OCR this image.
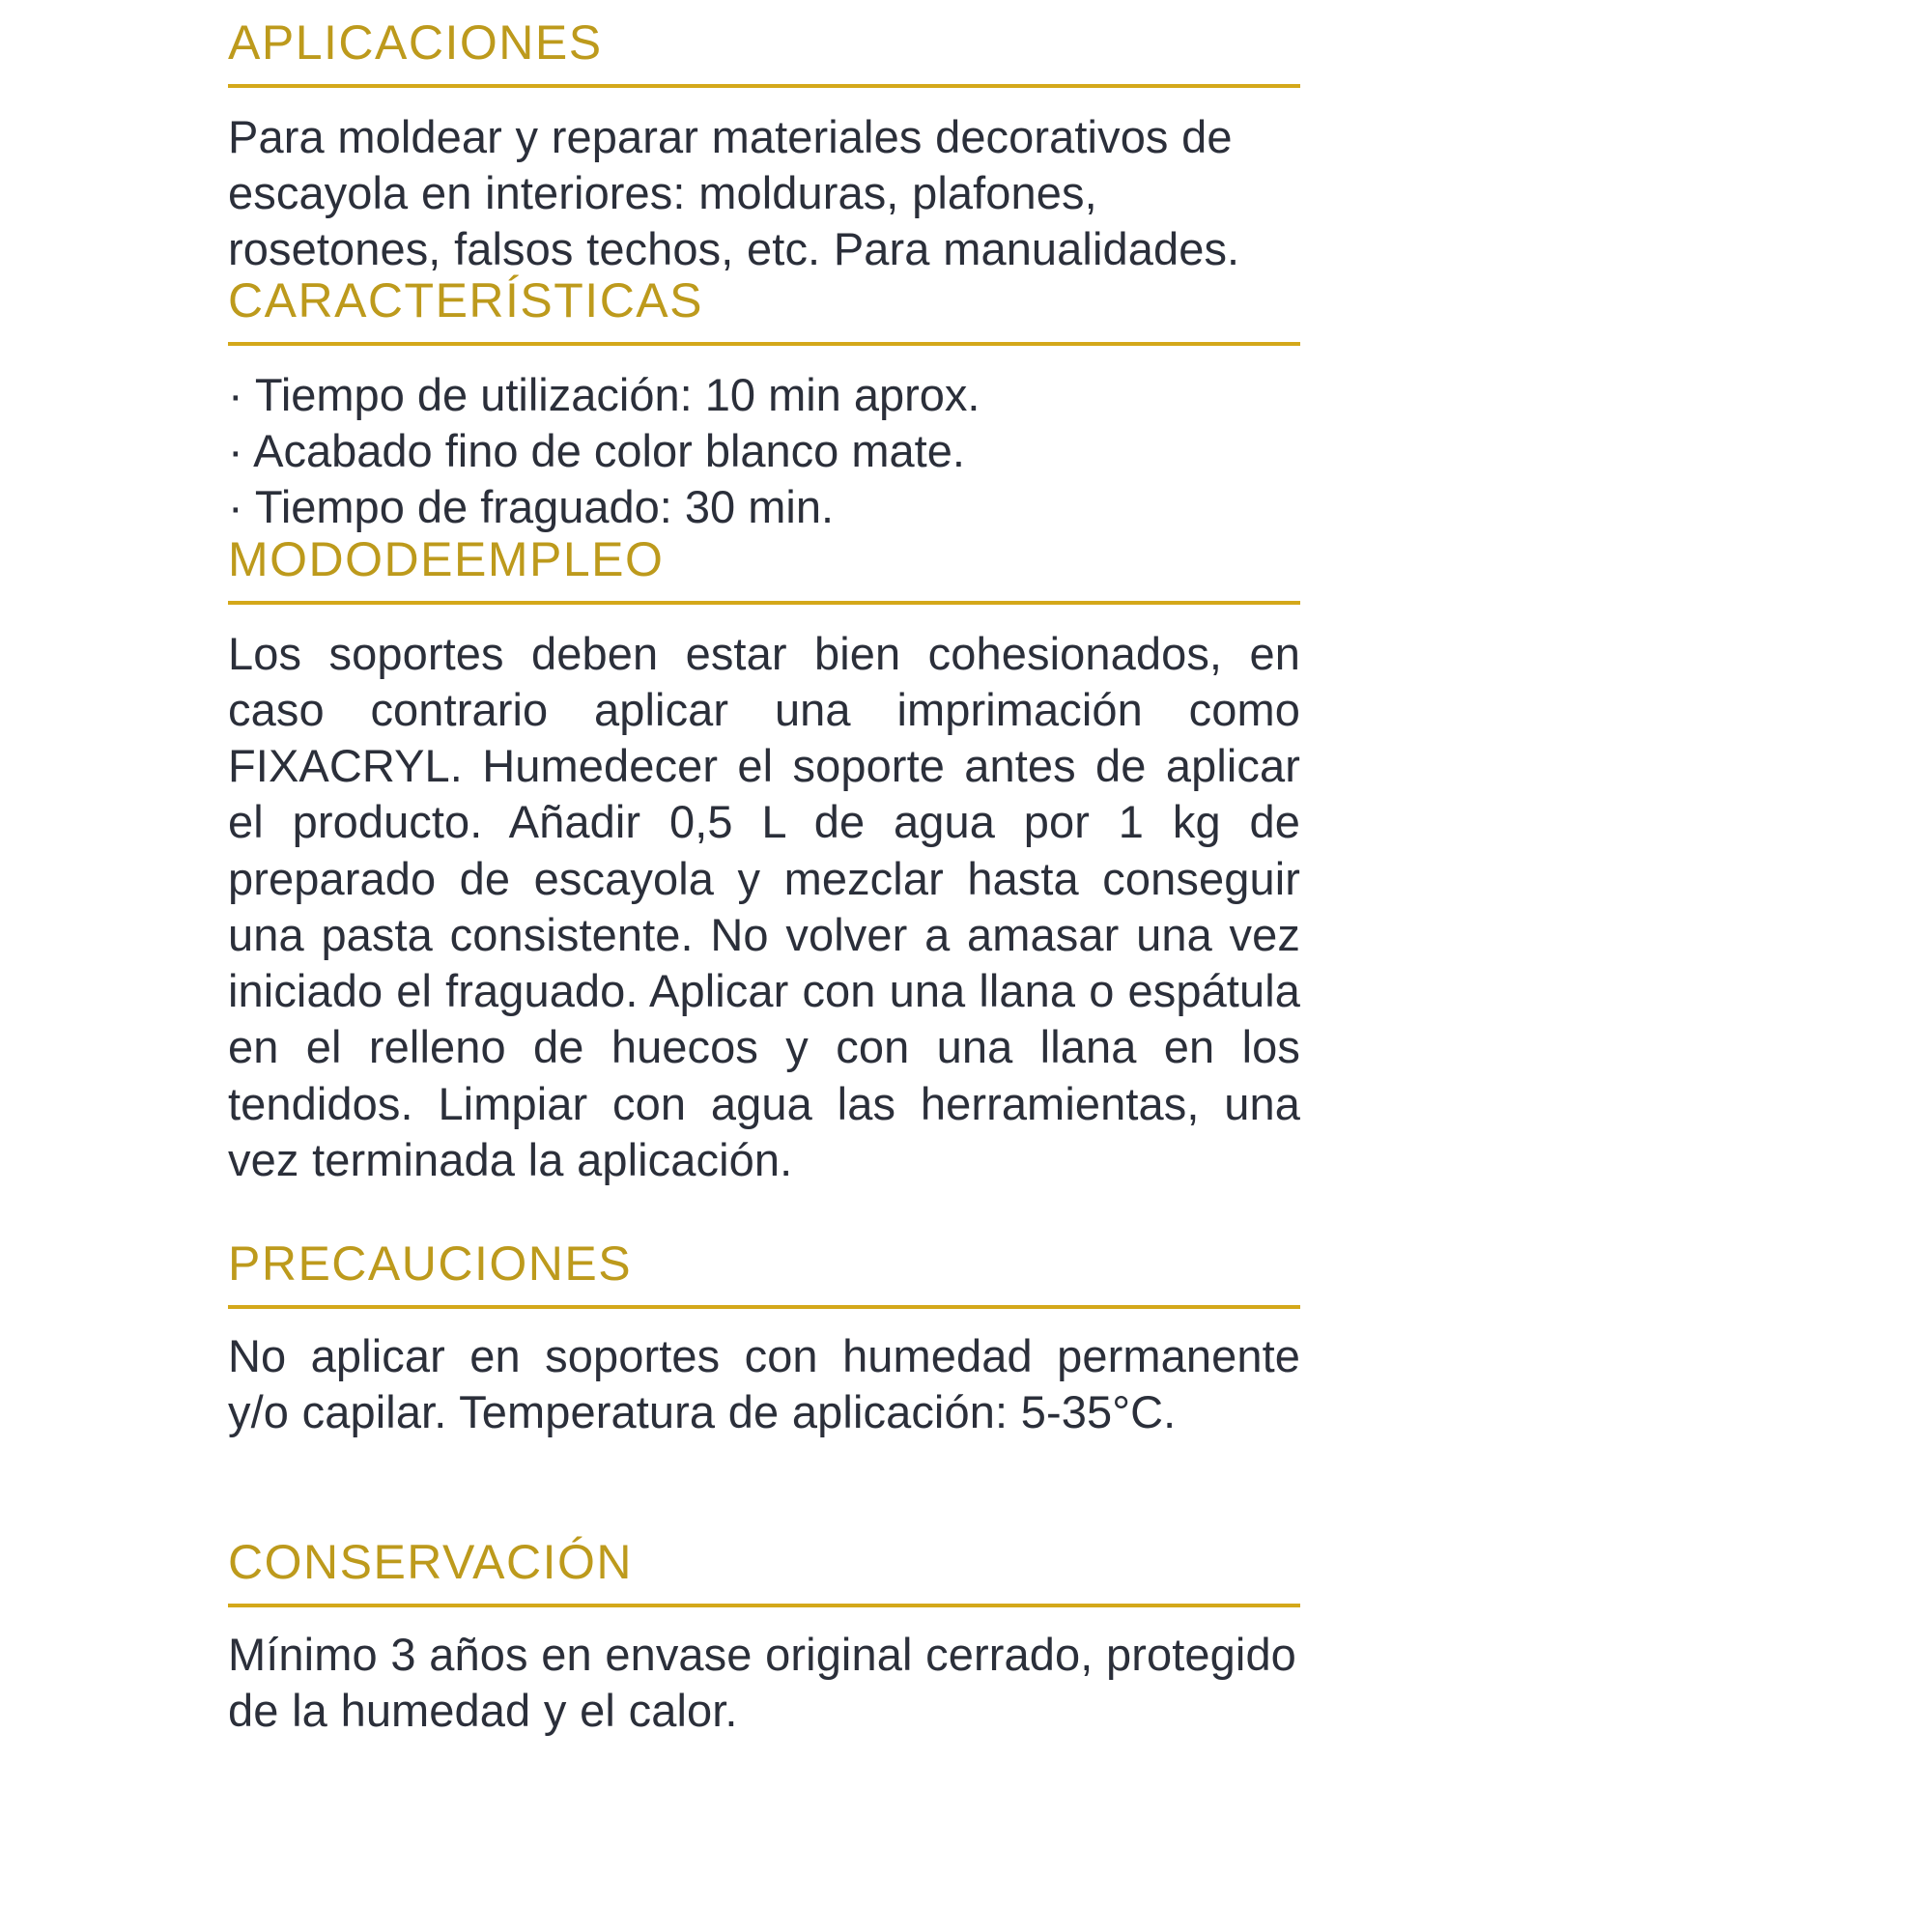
APLICACIONES

Para moldear y reparar materiales decorativos de escayola en interiores: molduras, plafones, rosetones, falsos techos, etc. Para manualidades.

CARACTERÍSTICAS
· Tiempo de utilización: 10 min aprox.
· Acabado fino de color blanco mate.
· Tiempo de fraguado: 30 min.
MODODEEMPLEO

Los soportes deben estar bien cohesionados, en caso contrario aplicar una imprimación como FIXACRYL. Humedecer el soporte antes de aplicar el producto. Añadir 0,5 L de agua por 1 kg de preparado de escayola y mezclar hasta conseguir una pasta consistente. No volver a amasar una vez iniciado el fraguado. Aplicar con una llana o espátula en el relleno de huecos y con una llana en los tendidos. Limpiar con agua las herramientas, una vez terminada la aplicación.

PRECAUCIONES

No aplicar en soportes con humedad permanente y/o capilar. Temperatura de aplicación: 5-35°C.

CONSERVACIÓN

Mínimo 3 años en envase original cerrado, protegido de la humedad y el calor.
